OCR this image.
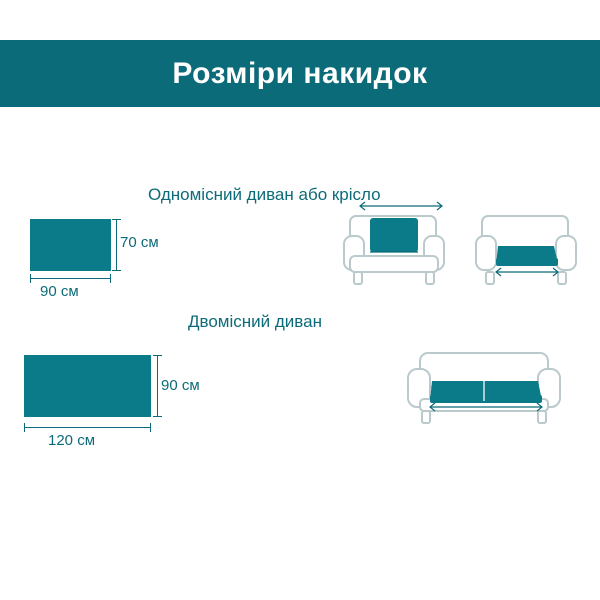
Розміри накидок
Одномісний диван або крісло
90 см
70 см
Двомісний диван
120 см
90 см
